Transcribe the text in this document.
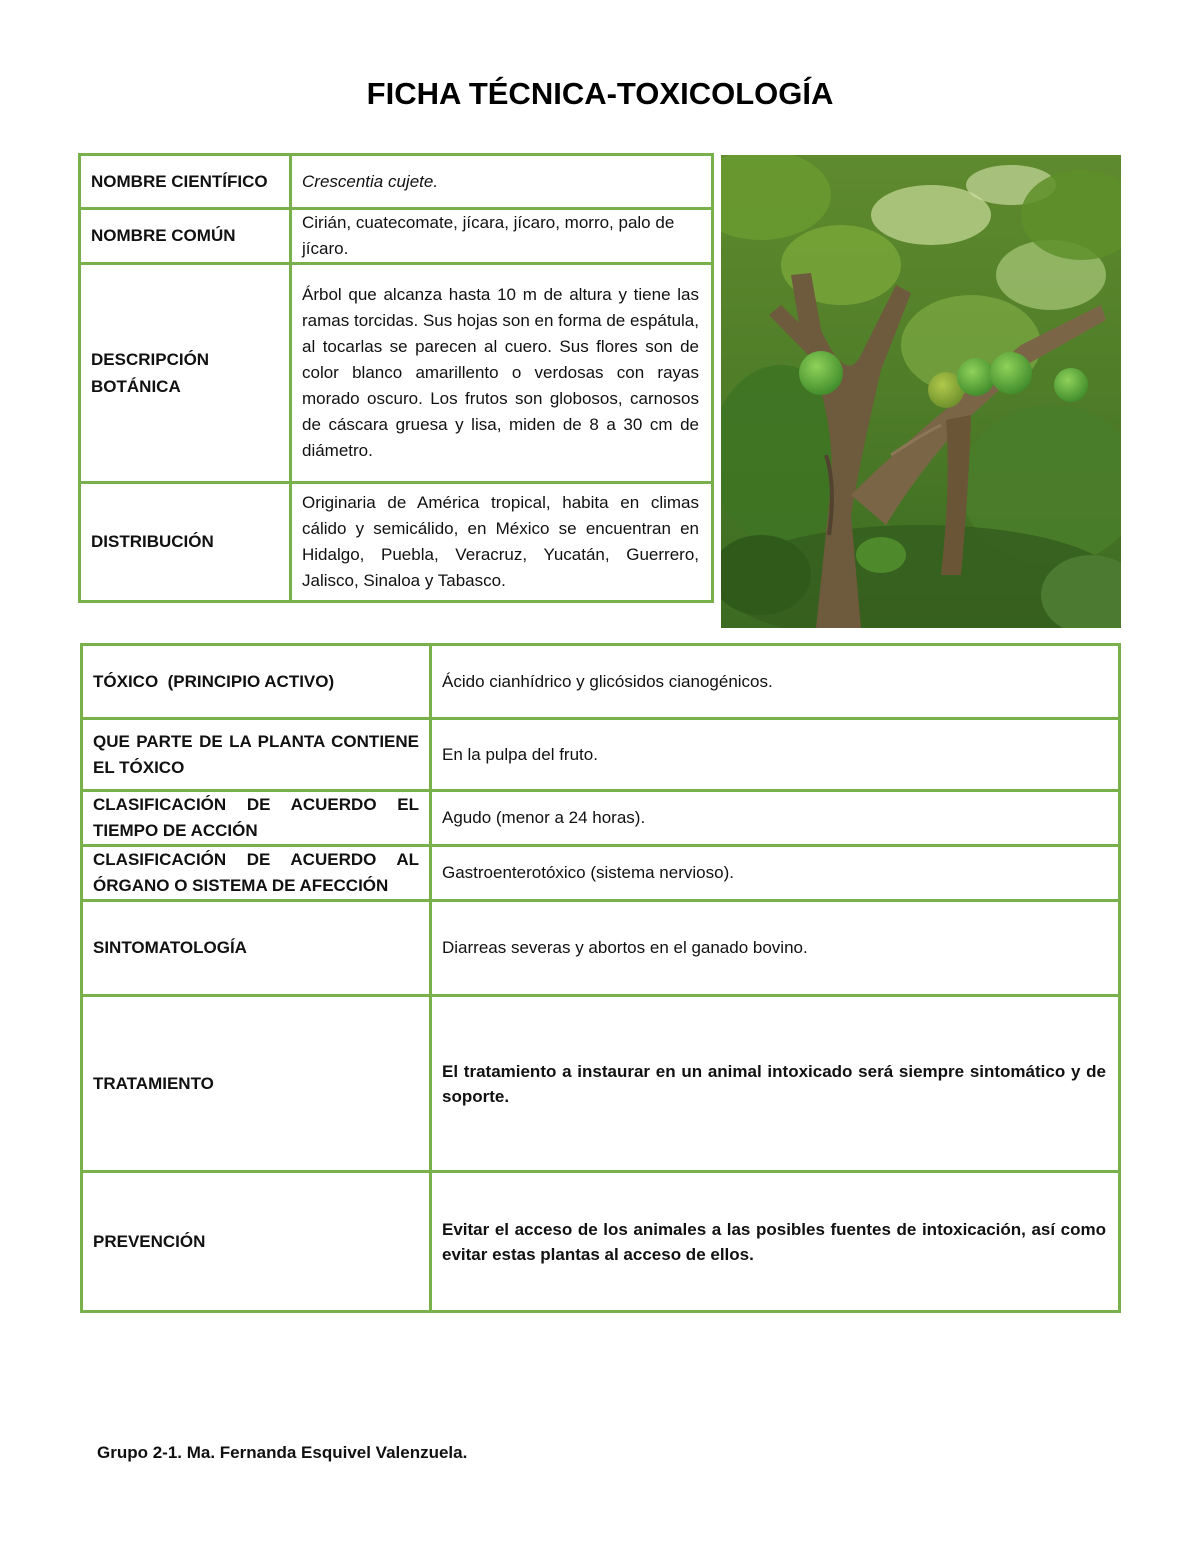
FICHA TÉCNICA-TOXICOLOGÍA
NOMBRE CIENTÍFICO	Crescentia cujete.
NOMBRE COMÚN	Cirián, cuatecomate, jícara, jícaro, morro, palo de jícaro.
DESCRIPCIÓN BOTÁNICA	Árbol que alcanza hasta 10 m de altura y tiene las ramas torcidas. Sus hojas son en forma de espátula, al tocarlas se parecen al cuero. Sus flores son de color blanco amarillento o verdosas con rayas morado oscuro. Los frutos son globosos, carnosos de cáscara gruesa y lisa, miden de 8 a 30 cm de diámetro.
DISTRIBUCIÓN	Originaria de América tropical, habita en climas cálido y semicálido, en México se encuentran en Hidalgo, Puebla, Veracruz, Yucatán, Guerrero, Jalisco, Sinaloa y Tabasco.
TÓXICO  (PRINCIPIO ACTIVO)	Ácido cianhídrico y glicósidos cianogénicos.
QUE PARTE DE LA PLANTA CONTIENE EL TÓXICO	En la pulpa del fruto.
CLASIFICACIÓN DE ACUERDO EL TIEMPO DE ACCIÓN	Agudo (menor a 24 horas).
CLASIFICACIÓN DE ACUERDO AL ÓRGANO O SISTEMA DE AFECCIÓN	Gastroenterotóxico (sistema nervioso).
SINTOMATOLOGÍA	Diarreas severas y abortos en el ganado bovino.
TRATAMIENTO	El tratamiento a instaurar en un animal intoxicado será siempre sintomático y de soporte.
PREVENCIÓN	Evitar el acceso de los animales a las posibles fuentes de intoxicación, así como evitar estas plantas al acceso de ellos.
Grupo 2-1. Ma. Fernanda Esquivel Valenzuela.
